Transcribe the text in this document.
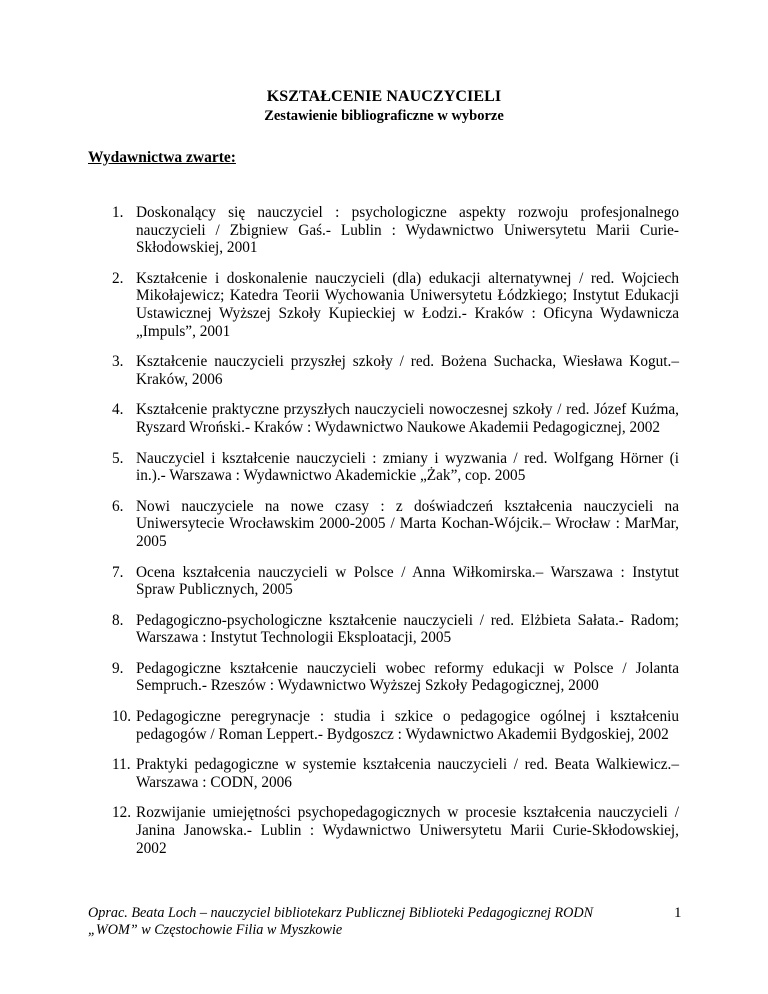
KSZTAŁCENIE NAUCZYCIELI
Zestawienie bibliograficzne w wyborze
Wydawnictwa zwarte:
1. Doskonalący się nauczyciel : psychologiczne aspekty rozwoju profesjonalnego nauczycieli / Zbigniew Gaś.- Lublin : Wydawnictwo Uniwersytetu Marii Curie-Skłodowskiej, 2001
2. Kształcenie i doskonalenie nauczycieli (dla) edukacji alternatywnej / red. Wojciech Mikołajewicz; Katedra Teorii Wychowania Uniwersytetu Łódzkiego; Instytut Edukacji Ustawicznej Wyższej Szkoły Kupieckiej w Łodzi.- Kraków : Oficyna Wydawnicza „Impuls”, 2001
3. Kształcenie nauczycieli przyszłej szkoły / red. Bożena Suchacka, Wiesława Kogut.– Kraków, 2006
4. Kształcenie praktyczne przyszłych nauczycieli nowoczesnej szkoły / red. Józef Kuźma, Ryszard Wroński.- Kraków : Wydawnictwo Naukowe Akademii Pedagogicznej, 2002
5. Nauczyciel i kształcenie nauczycieli : zmiany i wyzwania / red. Wolfgang Hörner (i in.).- Warszawa : Wydawnictwo Akademickie „Żak”, cop. 2005
6. Nowi nauczyciele na nowe czasy : z doświadczeń kształcenia nauczycieli na Uniwersytecie Wrocławskim 2000-2005 / Marta Kochan-Wójcik.– Wrocław : MarMar, 2005
7. Ocena kształcenia nauczycieli w Polsce / Anna Wiłkomirska.– Warszawa : Instytut Spraw Publicznych, 2005
8. Pedagogiczno-psychologiczne kształcenie nauczycieli / red. Elżbieta Sałata.- Radom; Warszawa : Instytut Technologii Eksploatacji, 2005
9. Pedagogiczne kształcenie nauczycieli wobec reformy edukacji w Polsce / Jolanta Sempruch.- Rzeszów : Wydawnictwo Wyższej Szkoły Pedagogicznej, 2000
10. Pedagogiczne peregrynacje : studia i szkice o pedagogice ogólnej i kształceniu pedagogów / Roman Leppert.- Bydgoszcz : Wydawnictwo Akademii Bydgoskiej, 2002
11. Praktyki pedagogiczne w systemie kształcenia nauczycieli / red. Beata Walkiewicz.– Warszawa : CODN, 2006
12. Rozwijanie umiejętności psychopedagogicznych w procesie kształcenia nauczycieli / Janina Janowska.- Lublin : Wydawnictwo Uniwersytetu Marii Curie-Skłodowskiej, 2002
Oprac. Beata Loch – nauczyciel bibliotekarz Publicznej Biblioteki Pedagogicznej RODN
„WOM” w Częstochowie Filia w Myszkowie
1
